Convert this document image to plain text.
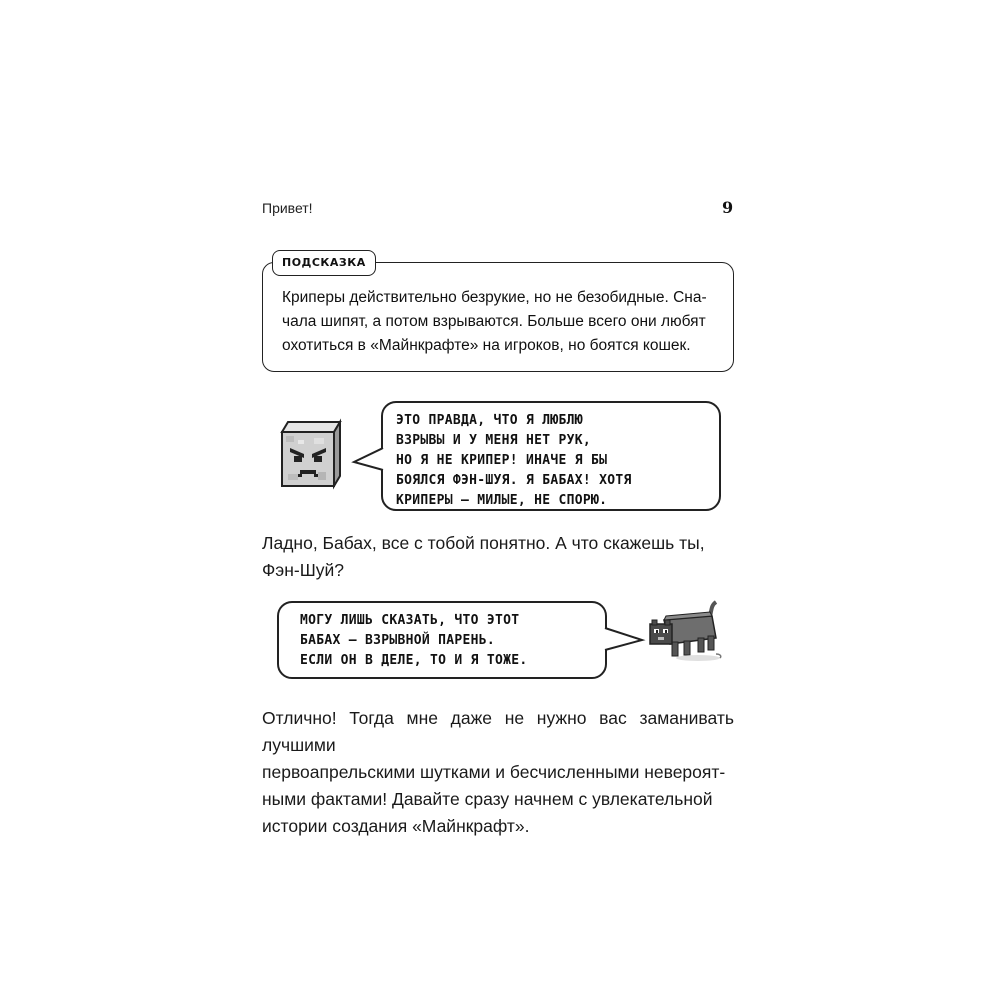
Привет!	9
ПОДСКАЗКА

Криперы действительно безрукие, но не безобидные. Сна-
чала шипят, а потом взрываются. Больше всего они любят
охотиться в «Майнкрафте» на игроков, но боятся кошек.

ЭТО ПРАВДА, ЧТО Я ЛЮБЛЮ
ВЗРЫВЫ И У МЕНЯ НЕТ РУК,
НО Я НЕ КРИПЕР! ИНАЧЕ Я БЫ
БОЯЛСЯ ФЭН-ШУЯ. Я БАБАХ! ХОТЯ
КРИПЕРЫ — МИЛЫЕ, НЕ СПОРЮ.

Ладно, Бабах, все с тобой понятно. А что скажешь ты,
Фэн-Шуй?

МОГУ ЛИШЬ СКАЗАТЬ, ЧТО ЭТОТ
БАБАХ — ВЗРЫВНОЙ ПАРЕНЬ.
ЕСЛИ ОН В ДЕЛЕ, ТО И Я ТОЖЕ.

Отлично! Тогда мне даже не нужно вас заманивать лучшими
первоапрельскими шутками и бесчисленными невероят-
ными фактами! Давайте сразу начнем с увлекательной
истории создания «Майнкрафт».
